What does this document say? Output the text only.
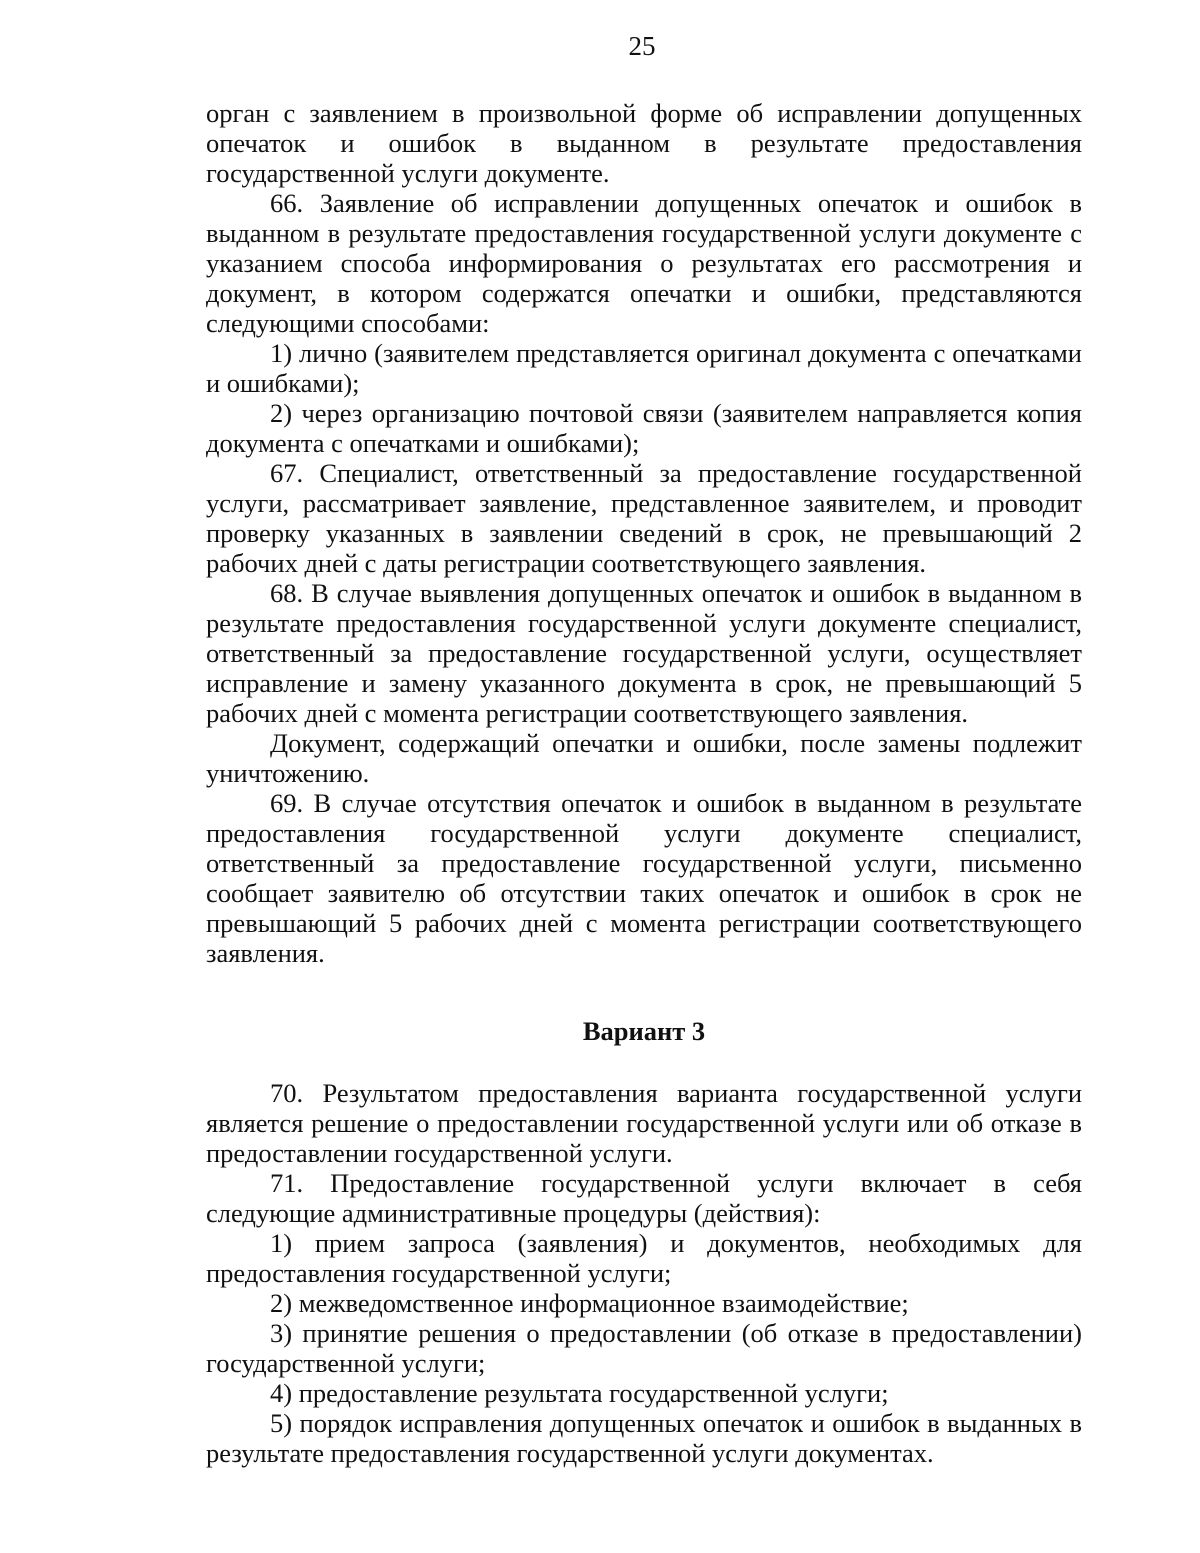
25

орган с заявлением в произвольной форме об исправлении допущенных опечаток и ошибок в выданном в результате предоставления государственной услуги документе.

66. Заявление об исправлении допущенных опечаток и ошибок в выданном в результате предоставления государственной услуги документе с указанием способа информирования о результатах его рассмотрения и документ, в котором содержатся опечатки и ошибки, представляются следующими способами:

1) лично (заявителем представляется оригинал документа с опечатками и ошибками);

2) через организацию почтовой связи (заявителем направляется копия документа с опечатками и ошибками);

67. Специалист, ответственный за предоставление государственной услуги, рассматривает заявление, представленное заявителем, и проводит проверку указанных в заявлении сведений в срок, не превышающий 2 рабочих дней с даты регистрации соответствующего заявления.

68. В случае выявления допущенных опечаток и ошибок в выданном в результате предоставления государственной услуги документе специалист, ответственный за предоставление государственной услуги, осуществляет исправление и замену указанного документа в срок, не превышающий 5 рабочих дней с момента регистрации соответствующего заявления.

Документ, содержащий опечатки и ошибки, после замены подлежит уничтожению.

69. В случае отсутствия опечаток и ошибок в выданном в результате предоставления государственной услуги документе специалист, ответственный за предоставление государственной услуги, письменно сообщает заявителю об отсутствии таких опечаток и ошибок в срок не превышающий 5 рабочих дней с момента регистрации соответствующего заявления.

Вариант 3

70. Результатом предоставления варианта государственной услуги является решение о предоставлении государственной услуги или об отказе в предоставлении государственной услуги.

71. Предоставление государственной услуги включает в себя следующие административные процедуры (действия):

1) прием запроса (заявления) и документов, необходимых для предоставления государственной услуги;

2) межведомственное информационное взаимодействие;

3) принятие решения о предоставлении (об отказе в предоставлении) государственной услуги;

4) предоставление результата государственной услуги;

5) порядок исправления допущенных опечаток и ошибок в выданных в результате предоставления государственной услуги документах.
